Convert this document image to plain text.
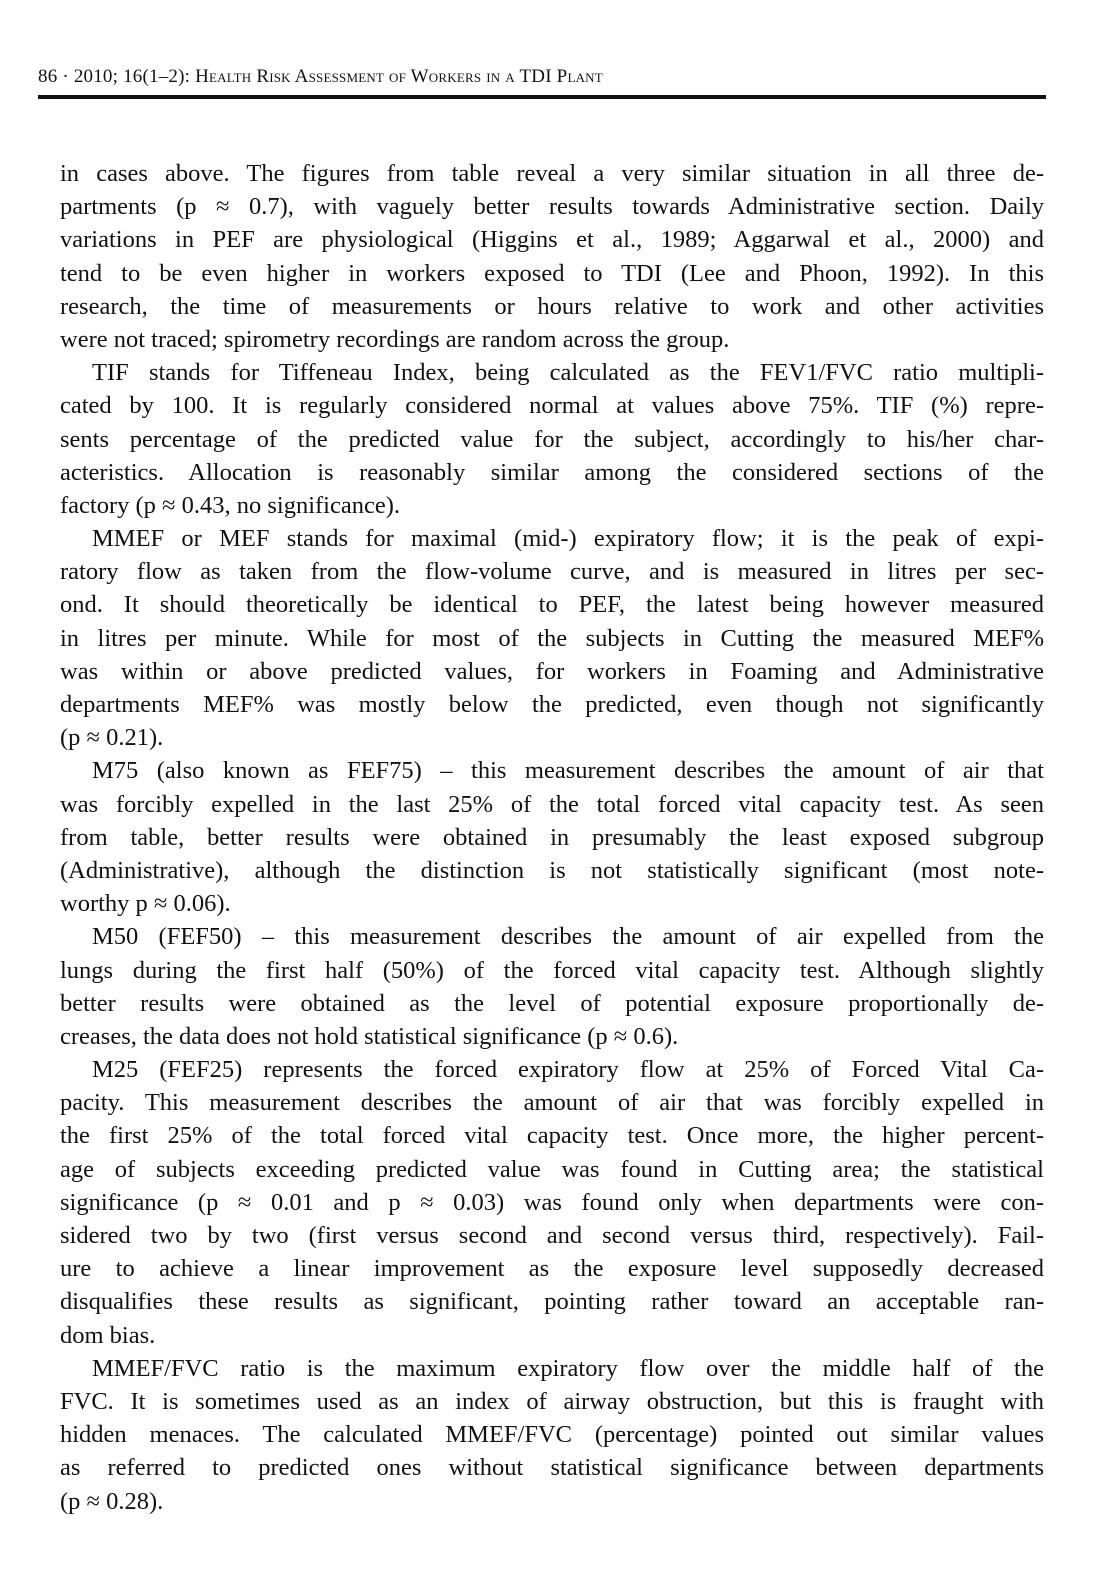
86 · 2010; 16(1–2): Health Risk Assessment of Workers in a TDI Plant
in cases above. The figures from table reveal a very similar situation in all three de-
partments (p ≈ 0.7), with vaguely better results towards Administrative section. Daily
variations in PEF are physiological (Higgins et al., 1989; Aggarwal et al., 2000) and
tend to be even higher in workers exposed to TDI (Lee and Phoon, 1992). In this
research, the time of measurements or hours relative to work and other activities
were not traced; spirometry recordings are random across the group.
TIF stands for Tiffeneau Index, being calculated as the FEV1/FVC ratio multipli-
cated by 100. It is regularly considered normal at values above 75%. TIF (%) repre-
sents percentage of the predicted value for the subject, accordingly to his/her char-
acteristics. Allocation is reasonably similar among the considered sections of the
factory (p ≈ 0.43, no significance).
MMEF or MEF stands for maximal (mid-) expiratory flow; it is the peak of expi-
ratory flow as taken from the flow-volume curve, and is measured in litres per sec-
ond. It should theoretically be identical to PEF, the latest being however measured
in litres per minute. While for most of the subjects in Cutting the measured MEF%
was within or above predicted values, for workers in Foaming and Administrative
departments MEF% was mostly below the predicted, even though not significantly
(p ≈ 0.21).
M75 (also known as FEF75) – this measurement describes the amount of air that
was forcibly expelled in the last 25% of the total forced vital capacity test. As seen
from table, better results were obtained in presumably the least exposed subgroup
(Administrative), although the distinction is not statistically significant (most note-
worthy p ≈ 0.06).
M50 (FEF50) – this measurement describes the amount of air expelled from the
lungs during the first half (50%) of the forced vital capacity test. Although slightly
better results were obtained as the level of potential exposure proportionally de-
creases, the data does not hold statistical significance (p ≈ 0.6).
M25 (FEF25) represents the forced expiratory flow at 25% of Forced Vital Ca-
pacity. This measurement describes the amount of air that was forcibly expelled in
the first 25% of the total forced vital capacity test. Once more, the higher percent-
age of subjects exceeding predicted value was found in Cutting area; the statistical
significance (p ≈ 0.01 and p ≈ 0.03) was found only when departments were con-
sidered two by two (first versus second and second versus third, respectively). Fail-
ure to achieve a linear improvement as the exposure level supposedly decreased
disqualifies these results as significant, pointing rather toward an acceptable ran-
dom bias.
MMEF/FVC ratio is the maximum expiratory flow over the middle half of the
FVC. It is sometimes used as an index of airway obstruction, but this is fraught with
hidden menaces. The calculated MMEF/FVC (percentage) pointed out similar values
as referred to predicted ones without statistical significance between departments
(p ≈ 0.28).
